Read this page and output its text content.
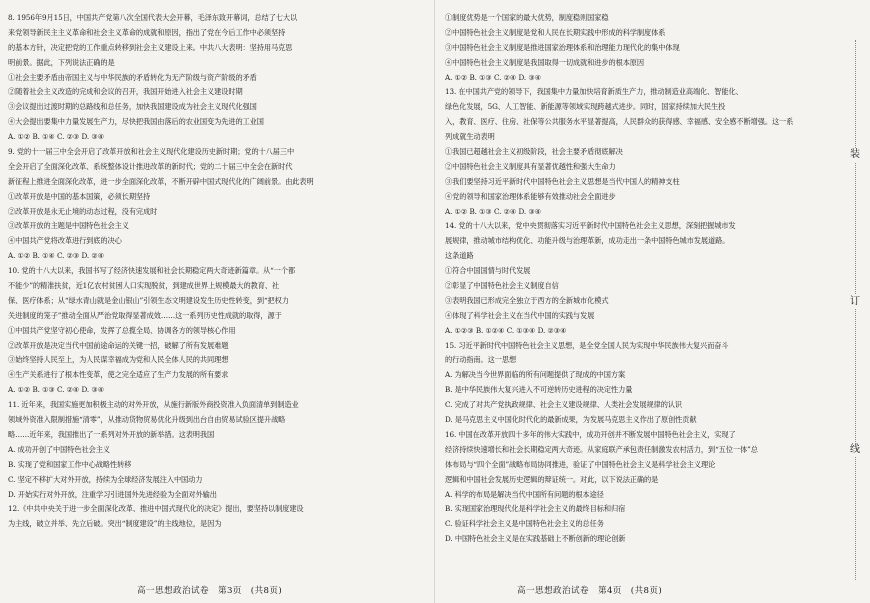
8. 1956年9月15日，中国共产党第八次全国代表大会开幕，毛泽东致开幕词，总结了七大以
来党领导新民主主义革命和社会主义革命的成就和原因，指出了党在今后工作中必须坚持
的基本方针，决定把党的工作重点转移到社会主义建设上来。中共八大表明：坚持用马克思
明前景。据此，下列说法正确的是
①社会主要矛盾由帝国主义与中华民族的矛盾转化为无产阶级与资产阶级的矛盾
②随着社会主义改造的完成和会议的召开，我国开始进入社会主义建设时期
③会议提出过渡时期的总路线和总任务，加快我国建设成为社会主义现代化强国
④大会提出要集中力量发展生产力，尽快把我国由落后的农业国变为先进的工业国
A. ①② B. ①④ C. ②③ D. ③④
9. 党的十一届三中全会开启了改革开放和社会主义现代化建设历史新时期；党的十八届三中
全会开启了全面深化改革、系统整体设计推进改革的新时代；党的二十届三中全会在新时代
新征程上推进全面深化改革，进一步全面深化改革，不断开辟中国式现代化的广阔前景。由此表明
①改革开放是中国的基本国策，必须长期坚持
②改革开放是永无止境的动态过程，没有完成时
③改革开放的主题是中国特色社会主义
④中国共产党将改革进行到底的决心
A. ①② B. ①④ C. ②③ D. ②④
10. 党的十八大以来，我国书写了经济快速发展和社会长期稳定两大奇迹新篇章。从“一个都
不能少”的精准扶贫，近1亿农村贫困人口实现脱贫，到建成世界上规模最大的教育、社
保、医疗体系；从“绿水青山就是金山银山”引领生态文明建设发生历史性转变，到“把权力
关进制度的笼子”推动全面从严治党取得显著成效……这一系列历史性成就的取得，源于
①中国共产党坚守初心使命，发挥了总揽全局、协调各方的领导核心作用
②改革开放是决定当代中国前途命运的关键一招，破解了所有发展难题
③始终坚持人民至上，为人民谋幸福成为党和人民全体人民的共同理想
④生产关系进行了根本性变革，使之完全适应了生产力发展的所有要求
A. ①② B. ①③ C. ②④ D. ③④
11. 近年来，我国实施更加积极主动的对外开放，从施行新版外商投资准入负面清单到制造业
领域外资准入限制措施“清零”，从推动货物贸易优化升级到出台自由贸易试验区提升战略
略……近年来，我国推出了一系列对外开放的新举措。这表明我国
A. 成功开创了中国特色社会主义
B. 实现了党和国家工作中心战略性转移
C. 坚定不移扩大对外开放，持续为全球经济发展注入中国动力
D. 开始实行对外开放，注重学习引进国外先进经验为全面对外输出
12.《中共中央关于进一步全面深化改革、推进中国式现代化的决定》提出，要坚持以制度建设
为主线，破立并举、先立后破。突出“制度建设”的主线地位，是因为
高一思想政治试卷　第3页　(共8页)
①制度优势是一个国家的最大优势，制度稳则国家稳
②中国特色社会主义制度是党和人民在长期实践中形成的科学制度体系
③中国特色社会主义制度是推进国家治理体系和治理能力现代化的集中体现
④中国特色社会主义制度是我国取得一切成就和进步的根本原因
A. ①② B. ①③ C. ②④ D. ③④
13. 在中国共产党的领导下，我国集中力量加快培育新质生产力，推动制造业高端化、智能化、
绿色化发展，5G、人工智能、新能源等领域实现跨越式进步。同时，国家持续加大民生投
入，教育、医疗、住房、社保等公共服务水平显著提高，人民群众的获得感、幸福感、安全感不断增强。这一系
列成就生动表明
①我国已超越社会主义初级阶段，社会主要矛盾彻底解决
②中国特色社会主义制度具有显著优越性和强大生命力
③我们要坚持习近平新时代中国特色社会主义思想是当代中国人的精神支柱
④党的领导和国家治理体系能够有效推动社会全面进步
A. ①② B. ①③ C. ②④ D. ③④
14. 党的十八大以来，党中央贯彻落实习近平新时代中国特色社会主义思想，深刻把握城市发
展规律，推动城市结构优化、功能升级与治理革新，成功走出一条中国特色城市发展道路。
这条道路
①符合中国国情与时代发展
②彰显了中国特色社会主义制度自信
③表明我国已形成完全独立于西方的全新城市化模式
④体现了科学社会主义在当代中国的实践与发展
A. ①②③ B. ①②④ C. ①③④ D. ②③④
15. 习近平新时代中国特色社会主义思想，是全党全国人民为实现中华民族伟大复兴而奋斗
的行动指南。这一思想
A. 为解决当今世界面临的所有问题提供了现成的中国方案
B. 是中华民族伟大复兴进入不可逆转历史进程的决定性力量
C. 完成了对共产党执政规律、社会主义建设规律、人类社会发展规律的认识
D. 是马克思主义中国化时代化的最新成果，为发展马克思主义作出了原创性贡献
16. 中国在改革开放四十多年的伟大实践中，成功开创并不断发展中国特色社会主义，实现了
经济持续快速增长和社会长期稳定两大奇迹。从家庭联产承包责任制激发农村活力，到“五位一体”总
体布局与“四个全面”战略布局协同推进，验证了中国特色社会主义是科学社会主义理论
逻辑和中国社会发展历史逻辑的辩证统一。对此，以下说法正确的是
A. 科学的布局是解决当代中国所有问题的根本途径
B. 实现国家治理现代化是科学社会主义的最终目标和归宿
C. 验证科学社会主义是中国特色社会主义的总任务
D. 中国特色社会主义是在实践基础上不断创新的理论创新
高一思想政治试卷　第4页　(共8页)
装
订
线
